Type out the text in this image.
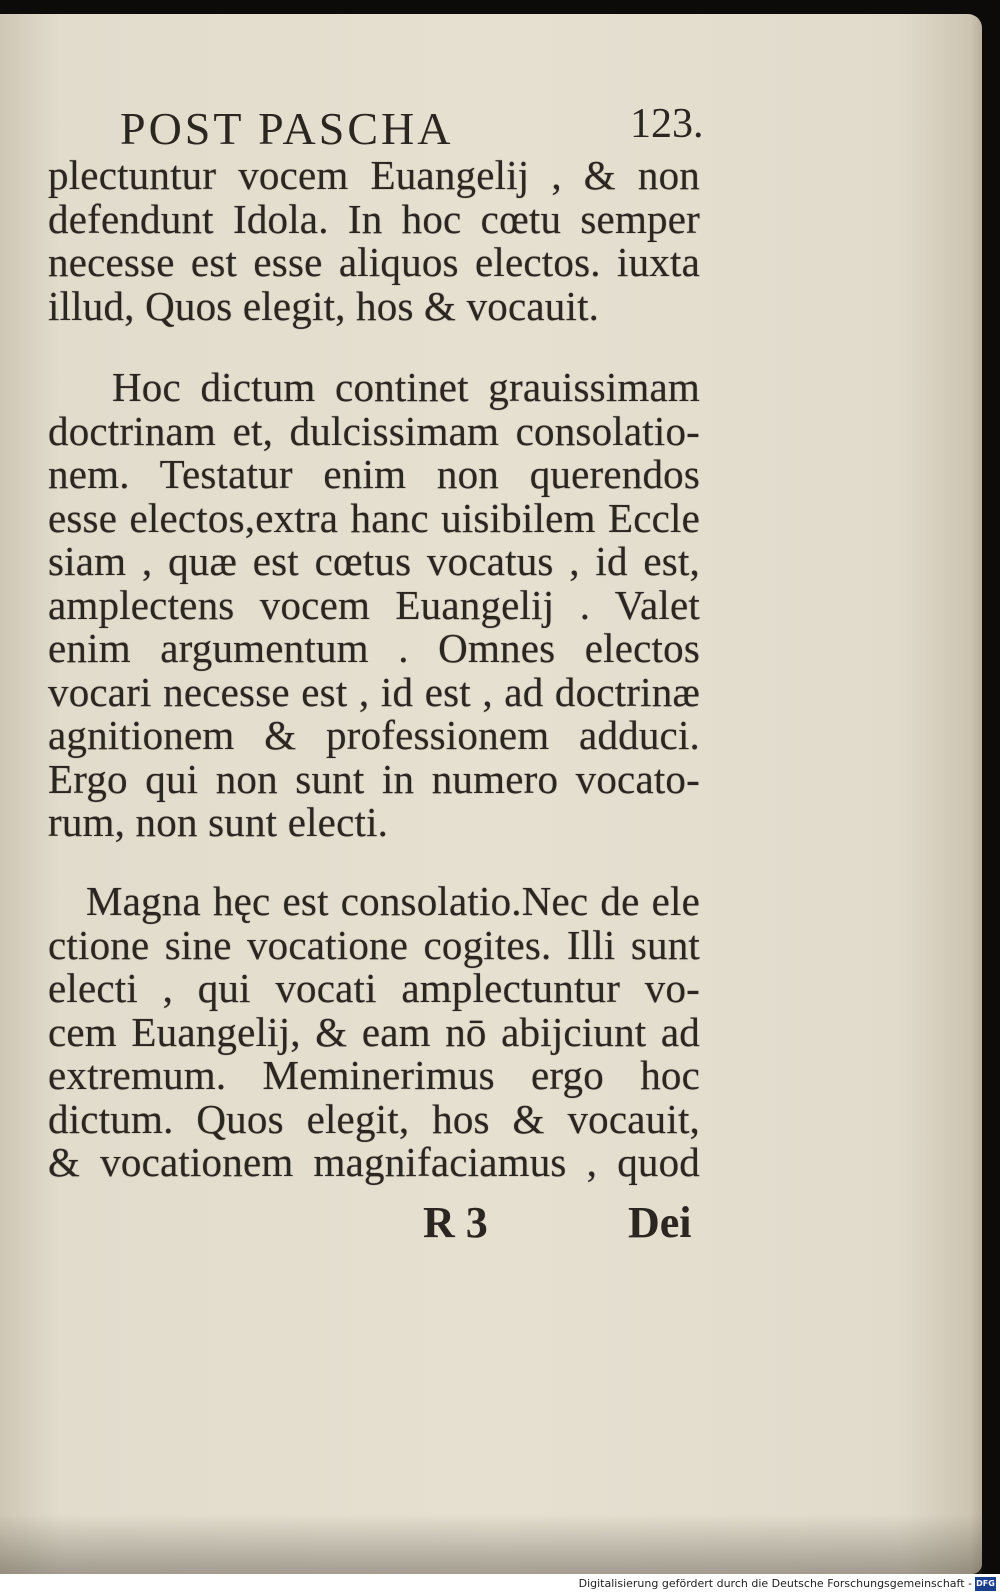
POST PASCHA	123.
plectuntur vocem Euangelij , & non
defendunt Idola. In hoc cœtu semper
necesse est esse aliquos electos. iuxta
illud, Quos elegit, hos & vocauit.
Hoc dictum continet grauissimam
doctrinam et, dulcissimam consolatio-
nem. Testatur enim non querendos
esse electos,extra hanc uisibilem Eccle
siam , quæ est cœtus vocatus , id est,
amplectens vocem Euangelij . Valet
enim argumentum . Omnes electos
vocari necesse est , id est , ad doctrinæ
agnitionem & professionem adduci.
Ergo qui non sunt in numero vocato-
rum, non sunt electi.
Magna hęc est consolatio.Nec de ele
ctione sine vocatione cogites. Illi sunt
electi , qui vocati amplectuntur vo-
cem Euangelij, & eam nō abijciunt ad
extremum. Meminerimus ergo hoc
dictum. Quos elegit, hos & vocauit,
& vocationem magnifaciamus , quod
R 3	Dei
Digitalisierung gefördert durch die Deutsche Forschungsgemeinschaft - DFG
